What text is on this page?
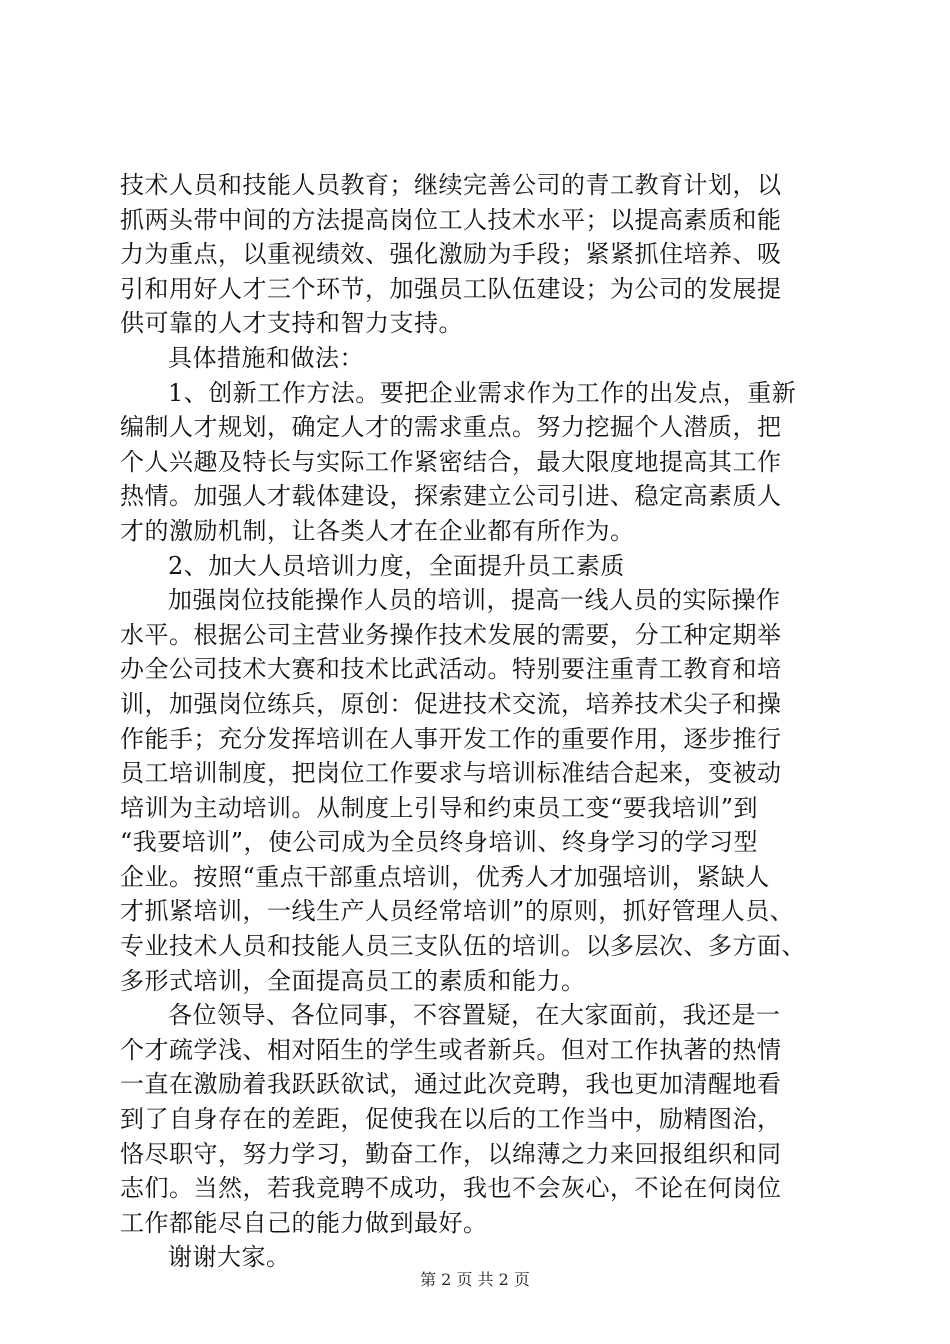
技术人员和技能人员教育；继续完善公司的青工教育计划，以
抓两头带中间的方法提高岗位工人技术水平；以提高素质和能
力为重点，以重视绩效、强化激励为手段；紧紧抓住培养、吸
引和用好人才三个环节，加强员工队伍建设；为公司的发展提
供可靠的人才支持和智力支持。
具体措施和做法：
1、创新工作方法。要把企业需求作为工作的出发点，重新
编制人才规划，确定人才的需求重点。努力挖掘个人潜质，把
个人兴趣及特长与实际工作紧密结合，最大限度地提高其工作
热情。加强人才载体建设，探索建立公司引进、稳定高素质人
才的激励机制，让各类人才在企业都有所作为。
2、加大人员培训力度，全面提升员工素质
加强岗位技能操作人员的培训，提高一线人员的实际操作
水平。根据公司主营业务操作技术发展的需要，分工种定期举
办全公司技术大赛和技术比武活动。特别要注重青工教育和培
训，加强岗位练兵，原创：促进技术交流，培养技术尖子和操
作能手；充分发挥培训在人事开发工作的重要作用，逐步推行
员工培训制度，把岗位工作要求与培训标准结合起来，变被动
培训为主动培训。从制度上引导和约束员工变“要我培训”到
“我要培训”，使公司成为全员终身培训、终身学习的学习型
企业。按照“重点干部重点培训，优秀人才加强培训，紧缺人
才抓紧培训，一线生产人员经常培训”的原则，抓好管理人员、
专业技术人员和技能人员三支队伍的培训。以多层次、多方面、
多形式培训，全面提高员工的素质和能力。
各位领导、各位同事，不容置疑，在大家面前，我还是一
个才疏学浅、相对陌生的学生或者新兵。但对工作执著的热情
一直在激励着我跃跃欲试，通过此次竞聘，我也更加清醒地看
到了自身存在的差距，促使我在以后的工作当中，励精图治，
恪尽职守，努力学习，勤奋工作，以绵薄之力来回报组织和同
志们。当然，若我竞聘不成功，我也不会灰心，不论在何岗位
工作都能尽自己的能力做到最好。
谢谢大家。
第 2 页 共 2 页
